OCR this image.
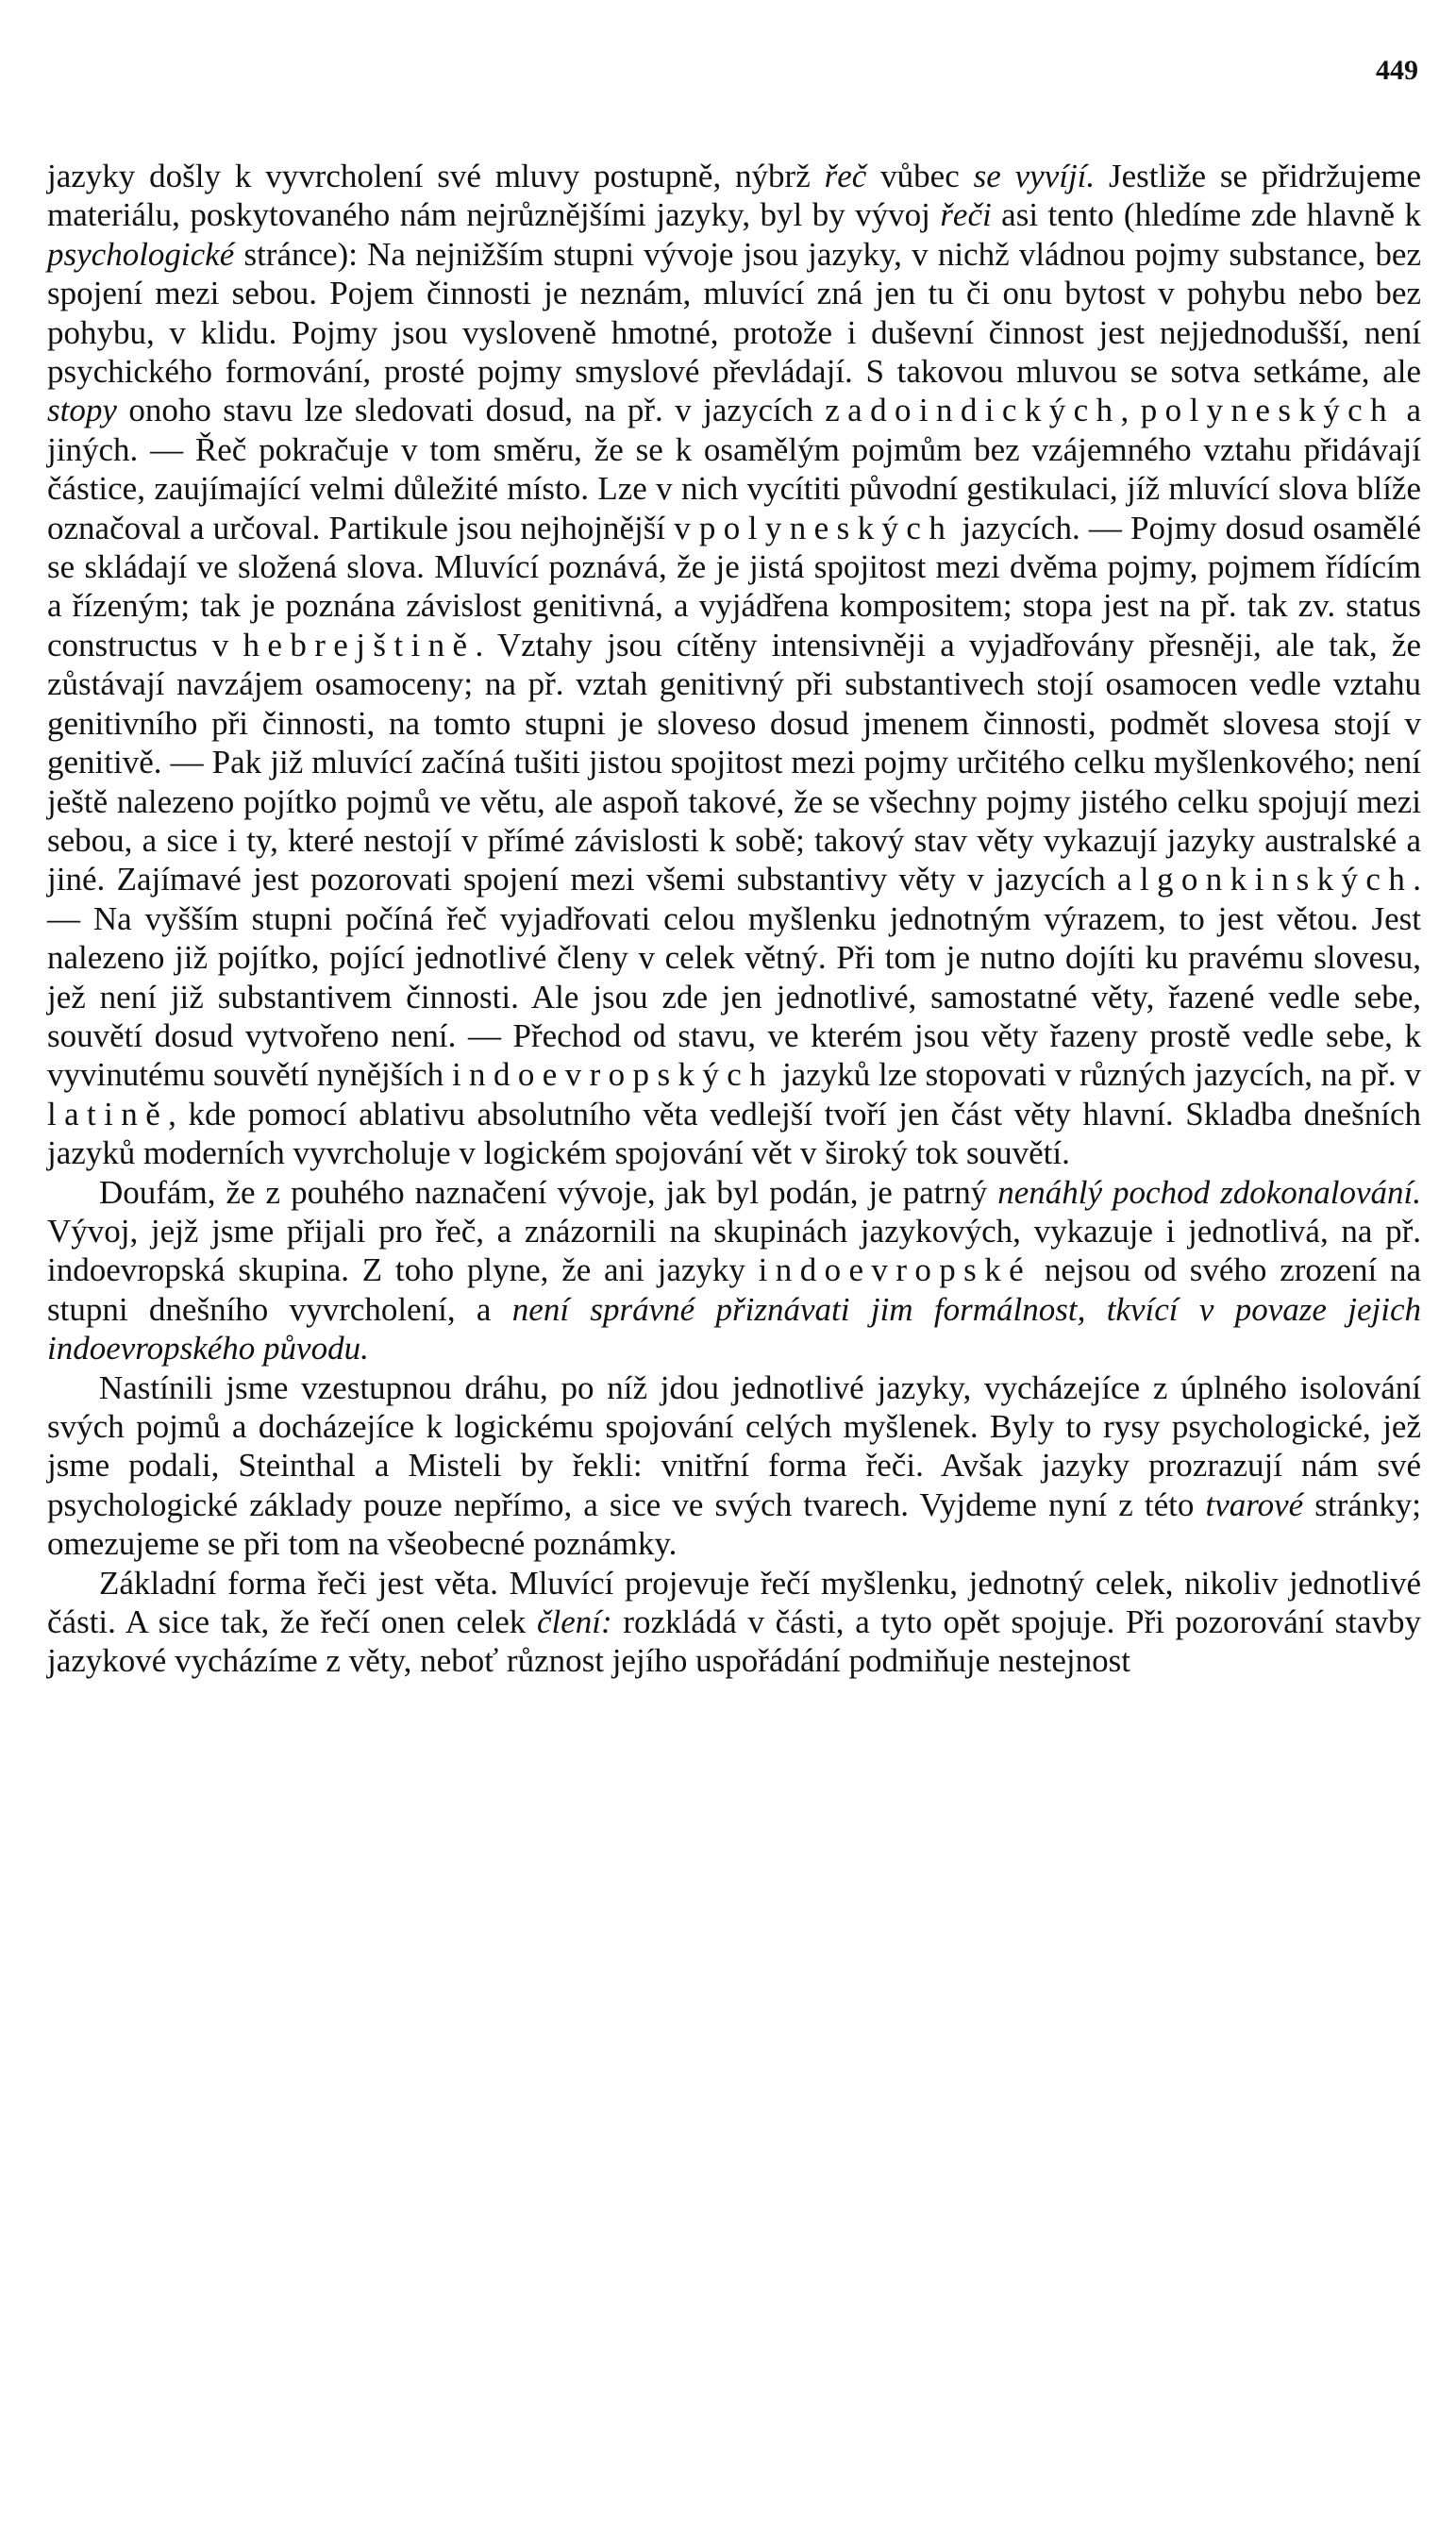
449

jazyky došly k vyvrcholení své mluvy postupně, nýbrž řeč vůbec se vyvíjí. Jestliže se přidržujeme materiálu, poskytovaného nám nejrůznějšími jazyky, byl by vývoj řeči asi tento (hledíme zde hlavně k psychologické stránce): Na nejnižším stupni vývoje jsou jazyky, v nichž vládnou pojmy substance, bez spojení mezi sebou. Pojem činnosti je neznám, mluvící zná jen tu či onu bytost v pohybu nebo bez pohybu, v klidu. Pojmy jsou vysloveně hmotné, protože i duševní činnost jest nejjednodušší, není psychického formování, prosté pojmy smyslové převládají. S takovou mluvou se sotva setkáme, ale stopy onoho stavu lze sledovati dosud, na př. v jazycích zadoindických, polyneských a jiných. — Řeč pokračuje v tom směru, že se k osamělým pojmům bez vzájemného vztahu přidávají částice, zaujímající velmi důležité místo. Lze v nich vycítiti původní gestikulaci, jíž mluvící slova blíže označoval a určoval. Partikule jsou nejhojnější v polyneských jazycích. — Pojmy dosud osamělé se skládají ve složená slova. Mluvící poznává, že je jistá spojitost mezi dvěma pojmy, pojmem řídícím a řízeným; tak je poznána závislost genitivná, a vyjádřena kompositem; stopa jest na př. tak zv. status constructus v hebrejštině. Vztahy jsou cítěny intensivněji a vyjadřovány přesněji, ale tak, že zůstávají navzájem osamoceny; na př. vztah genitivný při substantivech stojí osamocen vedle vztahu genitivního při činnosti, na tomto stupni je sloveso dosud jmenem činnosti, podmět slovesa stojí v genitivě. — Pak již mluvící začíná tušiti jistou spojitost mezi pojmy určitého celku myšlenkového; není ještě nalezeno pojítko pojmů ve větu, ale aspoň takové, že se všechny pojmy jistého celku spojují mezi sebou, a sice i ty, které nestojí v přímé závislosti k sobě; takový stav věty vykazují jazyky australské a jiné. Zajímavé jest pozorovati spojení mezi všemi substantivy věty v jazycích algonkinských. — Na vyšším stupni počíná řeč vyjadřovati celou myšlenku jednotným výrazem, to jest větou. Jest nalezeno již pojítko, pojící jednotlivé členy v celek větný. Při tom je nutno dojíti ku pravému slovesu, jež není již substantivem činnosti. Ale jsou zde jen jednotlivé, samostatné věty, řazené vedle sebe, souvětí dosud vytvořeno není. — Přechod od stavu, ve kterém jsou věty řazeny prostě vedle sebe, k vyvinutému souvětí nynějších indoevropských jazyků lze stopovati v různých jazycích, na př. v latině, kde pomocí ablativu absolutního věta vedlejší tvoří jen část věty hlavní. Skladba dnešních jazyků moderních vyvrcholuje v logickém spojování vět v široký tok souvětí.

Doufám, že z pouhého naznačení vývoje, jak byl podán, je patrný nenáhlý pochod zdokonalování. Vývoj, jejž jsme přijali pro řeč, a znázornili na skupinách jazykových, vykazuje i jednotlivá, na př. indoevropská skupina. Z toho plyne, že ani jazyky indoevropské nejsou od svého zrození na stupni dnešního vyvrcholení, a není správné přiznávati jim formálnost, tkvící v povaze jejich indoevropského původu.

Nastínili jsme vzestupnou dráhu, po níž jdou jednotlivé jazyky, vycházejíce z úplného isolování svých pojmů a docházejíce k logickému spojování celých myšlenek. Byly to rysy psychologické, jež jsme podali, Steinthal a Misteli by řekli: vnitřní forma řeči. Avšak jazyky prozrazují nám své psychologické základy pouze nepřímo, a sice ve svých tvarech. Vyjdeme nyní z této tvarové stránky; omezujeme se při tom na všeobecné poznámky.

Základní forma řeči jest věta. Mluvící projevuje řečí myšlenku, jednotný celek, nikoliv jednotlivé části. A sice tak, že řečí onen celek člení: rozkládá v části, a tyto opět spojuje. Při pozorování stavby jazykové vycházíme z věty, neboť různost jejího uspořádání podmiňuje nestejnost
